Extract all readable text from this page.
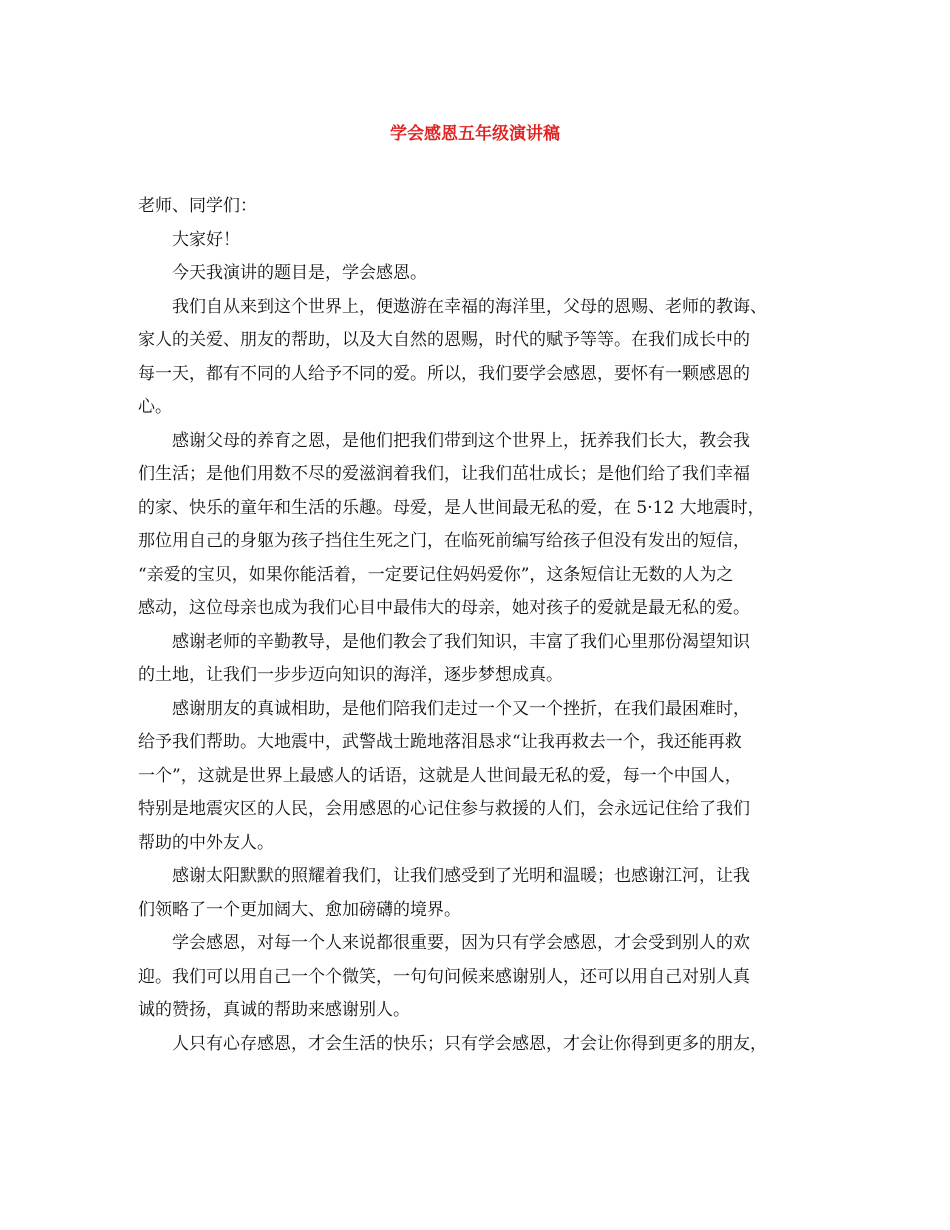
学会感恩五年级演讲稿

老师、同学们：

大家好！

今天我演讲的题目是，学会感恩。

我们自从来到这个世界上，便遨游在幸福的海洋里，父母的恩赐、老师的教诲、
家人的关爱、朋友的帮助，以及大自然的恩赐，时代的赋予等等。在我们成长中的
每一天，都有不同的人给予不同的爱。所以，我们要学会感恩，要怀有一颗感恩的
心。

感谢父母的养育之恩，是他们把我们带到这个世界上，抚养我们长大，教会我
们生活；是他们用数不尽的爱滋润着我们，让我们茁壮成长；是他们给了我们幸福
的家、快乐的童年和生活的乐趣。母爱，是人世间最无私的爱，在 5·12 大地震时，
那位用自己的身躯为孩子挡住生死之门，在临死前编写给孩子但没有发出的短信，
“亲爱的宝贝，如果你能活着，一定要记住妈妈爱你”，这条短信让无数的人为之
感动，这位母亲也成为我们心目中最伟大的母亲，她对孩子的爱就是最无私的爱。

感谢老师的辛勤教导，是他们教会了我们知识，丰富了我们心里那份渴望知识
的土地，让我们一步步迈向知识的海洋，逐步梦想成真。

感谢朋友的真诚相助，是他们陪我们走过一个又一个挫折，在我们最困难时，
给予我们帮助。大地震中，武警战士跪地落泪恳求“让我再救去一个，我还能再救
一个”，这就是世界上最感人的话语，这就是人世间最无私的爱，每一个中国人，
特别是地震灾区的人民，会用感恩的心记住参与救援的人们，会永远记住给了我们
帮助的中外友人。

感谢太阳默默的照耀着我们，让我们感受到了光明和温暖；也感谢江河，让我
们领略了一个更加阔大、愈加磅礴的境界。

学会感恩，对每一个人来说都很重要，因为只有学会感恩，才会受到别人的欢
迎。我们可以用自己一个个微笑，一句句问候来感谢别人，还可以用自己对别人真
诚的赞扬，真诚的帮助来感谢别人。

人只有心存感恩，才会生活的快乐；只有学会感恩，才会让你得到更多的朋友，
